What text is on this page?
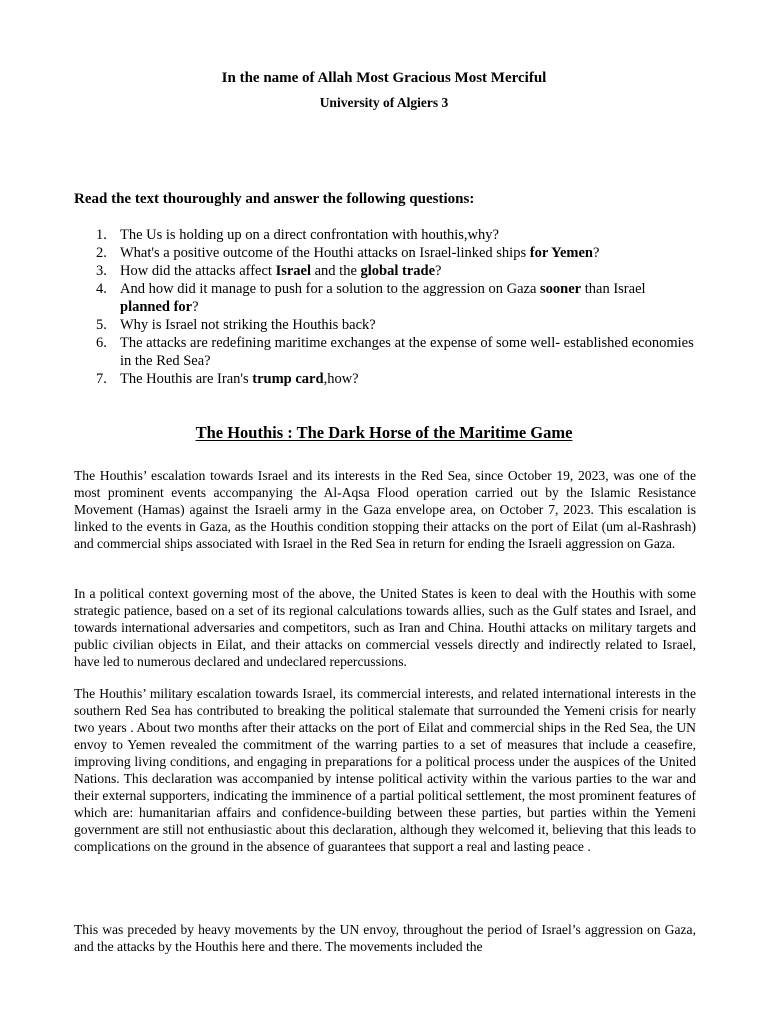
In the name of Allah Most Gracious Most Merciful
University of Algiers 3
Read the text thouroughly and answer the following questions:
1. The Us is holding up on a direct confrontation with houthis,why?
2. What's a positive outcome of the Houthi attacks on Israel-linked ships for Yemen?
3. How did the attacks affect Israel and the global trade?
4. And how did it manage to push for a solution to the aggression on Gaza sooner than Israel planned for?
5. Why is Israel not striking the Houthis back?
6. The attacks are redefining maritime exchanges at the expense of some well- established economies in the Red Sea?
7. The Houthis are Iran's trump card,how?
The Houthis : The Dark Horse of the Maritime Game

The Houthis’ escalation towards Israel and its interests in the Red Sea, since October 19, 2023, was one of the most prominent events accompanying the Al-Aqsa Flood operation carried out by the Islamic Resistance Movement (Hamas) against the Israeli army in the Gaza envelope area, on October 7, 2023. This escalation is linked to the events in Gaza, as the Houthis condition stopping their attacks on the port of Eilat (um al-Rashrash) and commercial ships associated with Israel in the Red Sea in return for ending the Israeli aggression on Gaza.

In a political context governing most of the above, the United States is keen to deal with the Houthis with some strategic patience, based on a set of its regional calculations towards allies, such as the Gulf states and Israel, and towards international adversaries and competitors, such as Iran and China. Houthi attacks on military targets and public civilian objects in Eilat, and their attacks on commercial vessels directly and indirectly related to Israel, have led to numerous declared and undeclared repercussions.

The Houthis’ military escalation towards Israel, its commercial interests, and related international interests in the southern Red Sea has contributed to breaking the political stalemate that surrounded the Yemeni crisis for nearly two years . About two months after their attacks on the port of Eilat and commercial ships in the Red Sea, the UN envoy to Yemen revealed the commitment of the warring parties to a set of measures that include a ceasefire, improving living conditions, and engaging in preparations for a political process under the auspices of the United Nations. This declaration was accompanied by intense political activity within the various parties to the war and their external supporters, indicating the imminence of a partial political settlement, the most prominent features of which are: humanitarian affairs and confidence-building between these parties, but parties within the Yemeni government are still not enthusiastic about this declaration, although they welcomed it, believing that this leads to complications on the ground in the absence of guarantees that support a real and lasting peace .

This was preceded by heavy movements by the UN envoy, throughout the period of Israel’s aggression on Gaza, and the attacks by the Houthis here and there. The movements included the
